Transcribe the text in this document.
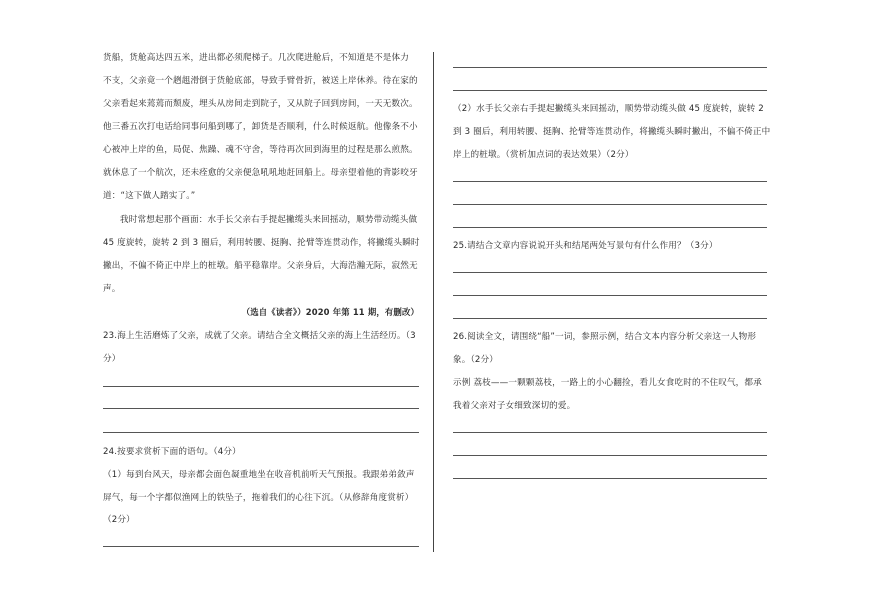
货船，货舱高达四五米，进出都必须爬梯子。几次爬进舱后，不知道是不是体力
不支，父亲竟一个趔趄滑倒于货舱底部，导致手臂骨折，被送上岸休养。待在家的
父亲看起来蔫蔫而颓废，埋头从房间走到院子，又从院子回到房间，一天无数次。
他三番五次打电话给同事问船到哪了，卸货是否顺利，什么时候返航。他像条不小
心被冲上岸的鱼，局促、焦躁、魂不守舍，等待再次回到海里的过程是那么煎熬。
就休息了一个航次，还未痊愈的父亲便急吼吼地赶回船上。母亲望着他的背影咬牙
道：“这下做人踏实了。”
我时常想起那个画面：水手长父亲右手提起撇缆头来回摇动，顺势带动缆头做
45 度旋转，旋转 2 到 3 圈后，利用转腰、挺胸、抡臂等连贯动作，将撇缆头瞬时
撇出，不偏不倚正中岸上的桩墩。船平稳靠岸。父亲身后，大海浩瀚无际，寂然无
声。
（选自《读者》）2020 年第 11 期，有删改）
23.海上生活磨炼了父亲，成就了父亲。请结合全文概括父亲的海上生活经历。（3
分）
24.按要求赏析下面的语句。（4分）
（1）每到台风天，母亲都会面色凝重地坐在收音机前听天气预报。我跟弟弟敛声
屏气，每一个字都似渔网上的铁坠子，拖着我们的心往下沉。（从修辞角度赏析）
（2分）
（2）水手长父亲右手提起撇缆头来回摇动，顺势带动缆头做 45 度旋转，旋转 2
到 3 圈后，利用转腰、挺胸、抡臂等连贯动作，将撇缆头瞬时撇出，不偏不倚正中
岸上的桩墩。（赏析加点词的表达效果）（2分）
25.请结合文章内容说说开头和结尾两处写景句有什么作用？（3分）
26.阅读全文，请围绕“船”一词，参照示例，结合文本内容分析父亲这一人物形
象。（2分）
示例 荔枝——一颗颗荔枝，一路上的小心翻捡，看儿女食吃时的不住叹气，都承
我着父亲对子女细致深切的爱。
